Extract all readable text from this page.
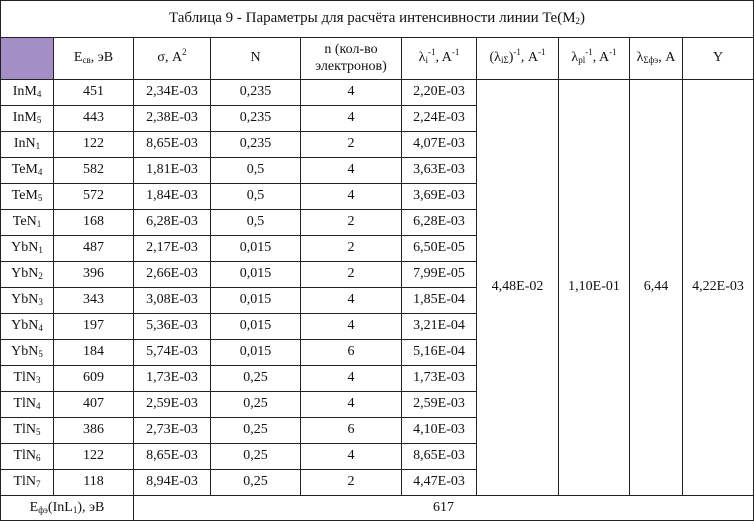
Таблица 9 - Параметры для расчёта интенсивности линии $Te(M_2)$									
	$E_{св}$, эВ	σ, $A^2$	N	n (кол-во электронов)	$\lambda_i^{-1}$, $A^{-1}$	$(\lambda_{i\Sigma})^{-1}$, $A^{-1}$	$\lambda_{pl}^{-1}$, $A^{-1}$	$\lambda_{\Sigma фэ}$, A	Y
InM$_4$	451	2,34E-03	0,235	4	2,20E-03	4,48E-02	1,10E-01	6,44	4,22E-03
InM$_5$	443	2,38E-03	0,235	4	2,24E-03				
InN$_1$	122	8,65E-03	0,235	2	4,07E-03				
TeM$_4$	582	1,81E-03	0,5	4	3,63E-03				
TeM$_5$	572	1,84E-03	0,5	4	3,69E-03				
TeN$_1$	168	6,28E-03	0,5	2	6,28E-03				
YbN$_1$	487	2,17E-03	0,015	2	6,50E-05				
YbN$_2$	396	2,66E-03	0,015	2	7,99E-05				
YbN$_3$	343	3,08E-03	0,015	4	1,85E-04				
YbN$_4$	197	5,36E-03	0,015	4	3,21E-04				
YbN$_5$	184	5,74E-03	0,015	6	5,16E-04				
TlN$_3$	609	1,73E-03	0,25	4	1,73E-03				
TlN$_4$	407	2,59E-03	0,25	4	2,59E-03				
TlN$_5$	386	2,73E-03	0,25	6	4,10E-03				
TlN$_6$	122	8,65E-03	0,25	4	8,65E-03				
TlN$_7$	118	8,94E-03	0,25	2	4,47E-03				
$E_{фэ}(InL_1)$, эВ		617							
